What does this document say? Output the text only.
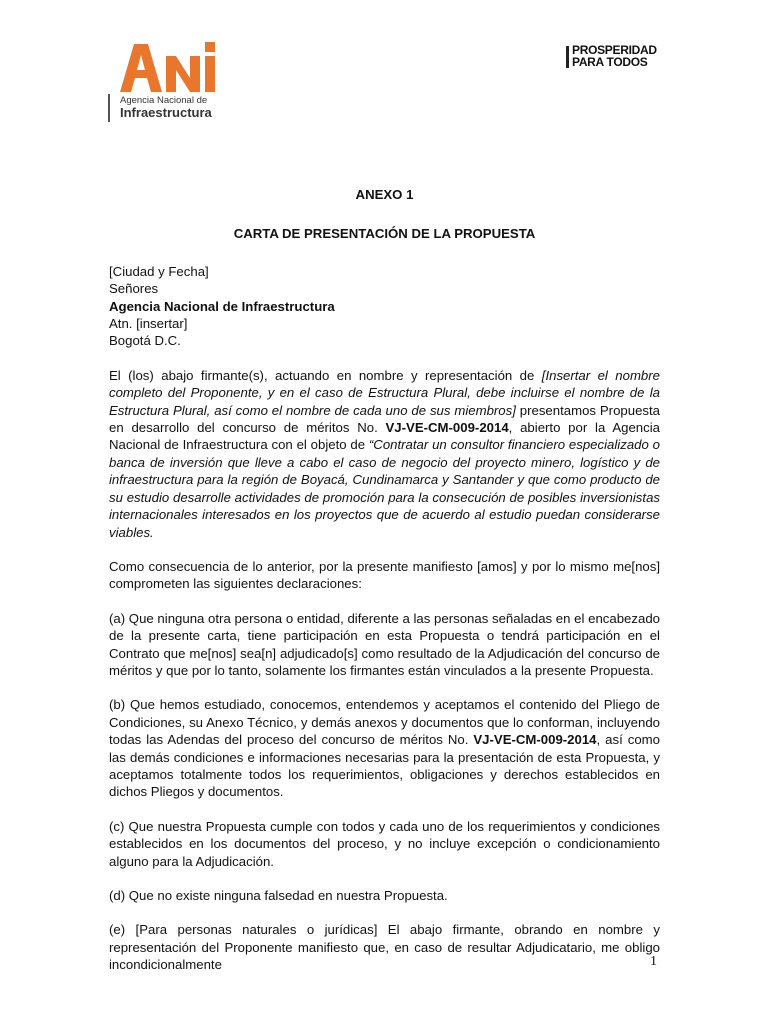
Agencia Nacional de
Infraestructura
PROSPERIDAD
PARA TODOS
ANEXO 1
CARTA DE PRESENTACIÓN DE LA PROPUESTA
[Ciudad y Fecha]
Señores
Agencia Nacional de Infraestructura
Atn. [insertar]
Bogotá D.C.

El (los) abajo firmante(s), actuando en nombre y representación de [Insertar el nombre completo del Proponente, y en el caso de Estructura Plural, debe incluirse el nombre de la Estructura Plural, así como el nombre de cada uno de sus miembros] presentamos Propuesta en desarrollo del concurso de méritos No. VJ-VE-CM-009-2014, abierto por la Agencia Nacional de Infraestructura con el objeto de “Contratar un consultor financiero especializado o banca de inversión que lleve a cabo el caso de negocio del proyecto minero, logístico y de infraestructura para la región de Boyacá, Cundinamarca y Santander y que como producto de su estudio desarrolle actividades de promoción para la consecución de posibles inversionistas internacionales interesados en los proyectos que de acuerdo al estudio puedan considerarse viables.

Como consecuencia de lo anterior, por la presente manifiesto [amos] y por lo mismo me[nos] comprometen las siguientes declaraciones:

(a) Que ninguna otra persona o entidad, diferente a las personas señaladas en el encabezado de la presente carta, tiene participación en esta Propuesta o tendrá participación en el Contrato que me[nos] sea[n] adjudicado[s] como resultado de la Adjudicación del concurso de méritos y que por lo tanto, solamente los firmantes están vinculados a la presente Propuesta.

(b) Que hemos estudiado, conocemos, entendemos y aceptamos el contenido del Pliego de Condiciones, su Anexo Técnico, y demás anexos y documentos que lo conforman, incluyendo todas las Adendas del proceso del concurso de méritos No. VJ-VE-CM-009-2014, así como las demás condiciones e informaciones necesarias para la presentación de esta Propuesta, y aceptamos totalmente todos los requerimientos, obligaciones y derechos establecidos en dichos Pliegos y documentos.

(c) Que nuestra Propuesta cumple con todos y cada uno de los requerimientos y condiciones establecidos en los documentos del proceso, y no incluye excepción o condicionamiento alguno para la Adjudicación.

(d) Que no existe ninguna falsedad en nuestra Propuesta.

(e) [Para personas naturales o jurídicas] El abajo firmante, obrando en nombre y representación del Proponente manifiesto que, en caso de resultar Adjudicatario, me obligo incondicionalmente	1
